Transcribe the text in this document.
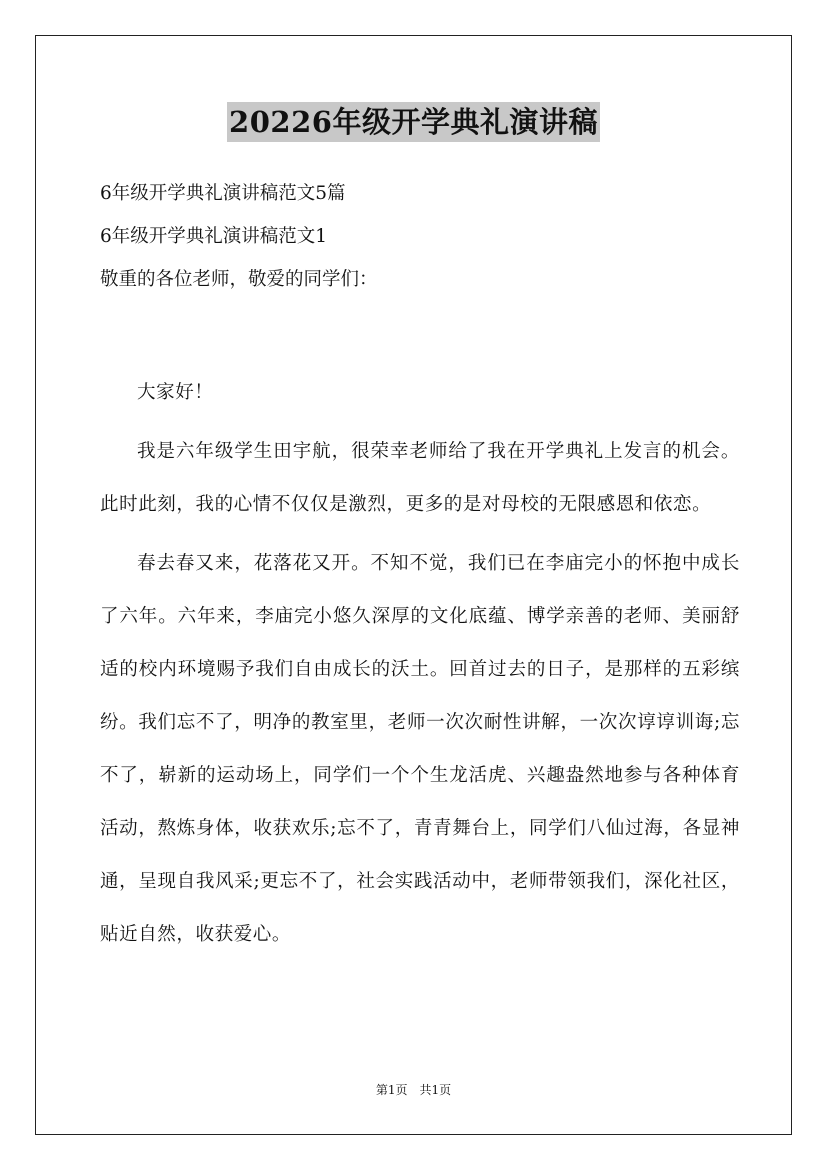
20226年级开学典礼演讲稿
6年级开学典礼演讲稿范文5篇
6年级开学典礼演讲稿范文1
敬重的各位老师，敬爱的同学们：

大家好！

我是六年级学生田宇航，很荣幸老师给了我在开学典礼上发言的机会。此时此刻，我的心情不仅仅是激烈，更多的是对母校的无限感恩和依恋。

春去春又来，花落花又开。不知不觉，我们已在李庙完小的怀抱中成长了六年。六年来，李庙完小悠久深厚的文化底蕴、博学亲善的老师、美丽舒适的校内环境赐予我们自由成长的沃土。回首过去的日子，是那样的五彩缤纷。我们忘不了，明净的教室里，老师一次次耐性讲解，一次次谆谆训诲;忘不了，崭新的运动场上，同学们一个个生龙活虎、兴趣盎然地参与各种体育活动，熬炼身体，收获欢乐;忘不了，青青舞台上，同学们八仙过海，各显神通，呈现自我风采;更忘不了，社会实践活动中，老师带领我们，深化社区，贴近自然，收获爱心。

第1页　共1页
